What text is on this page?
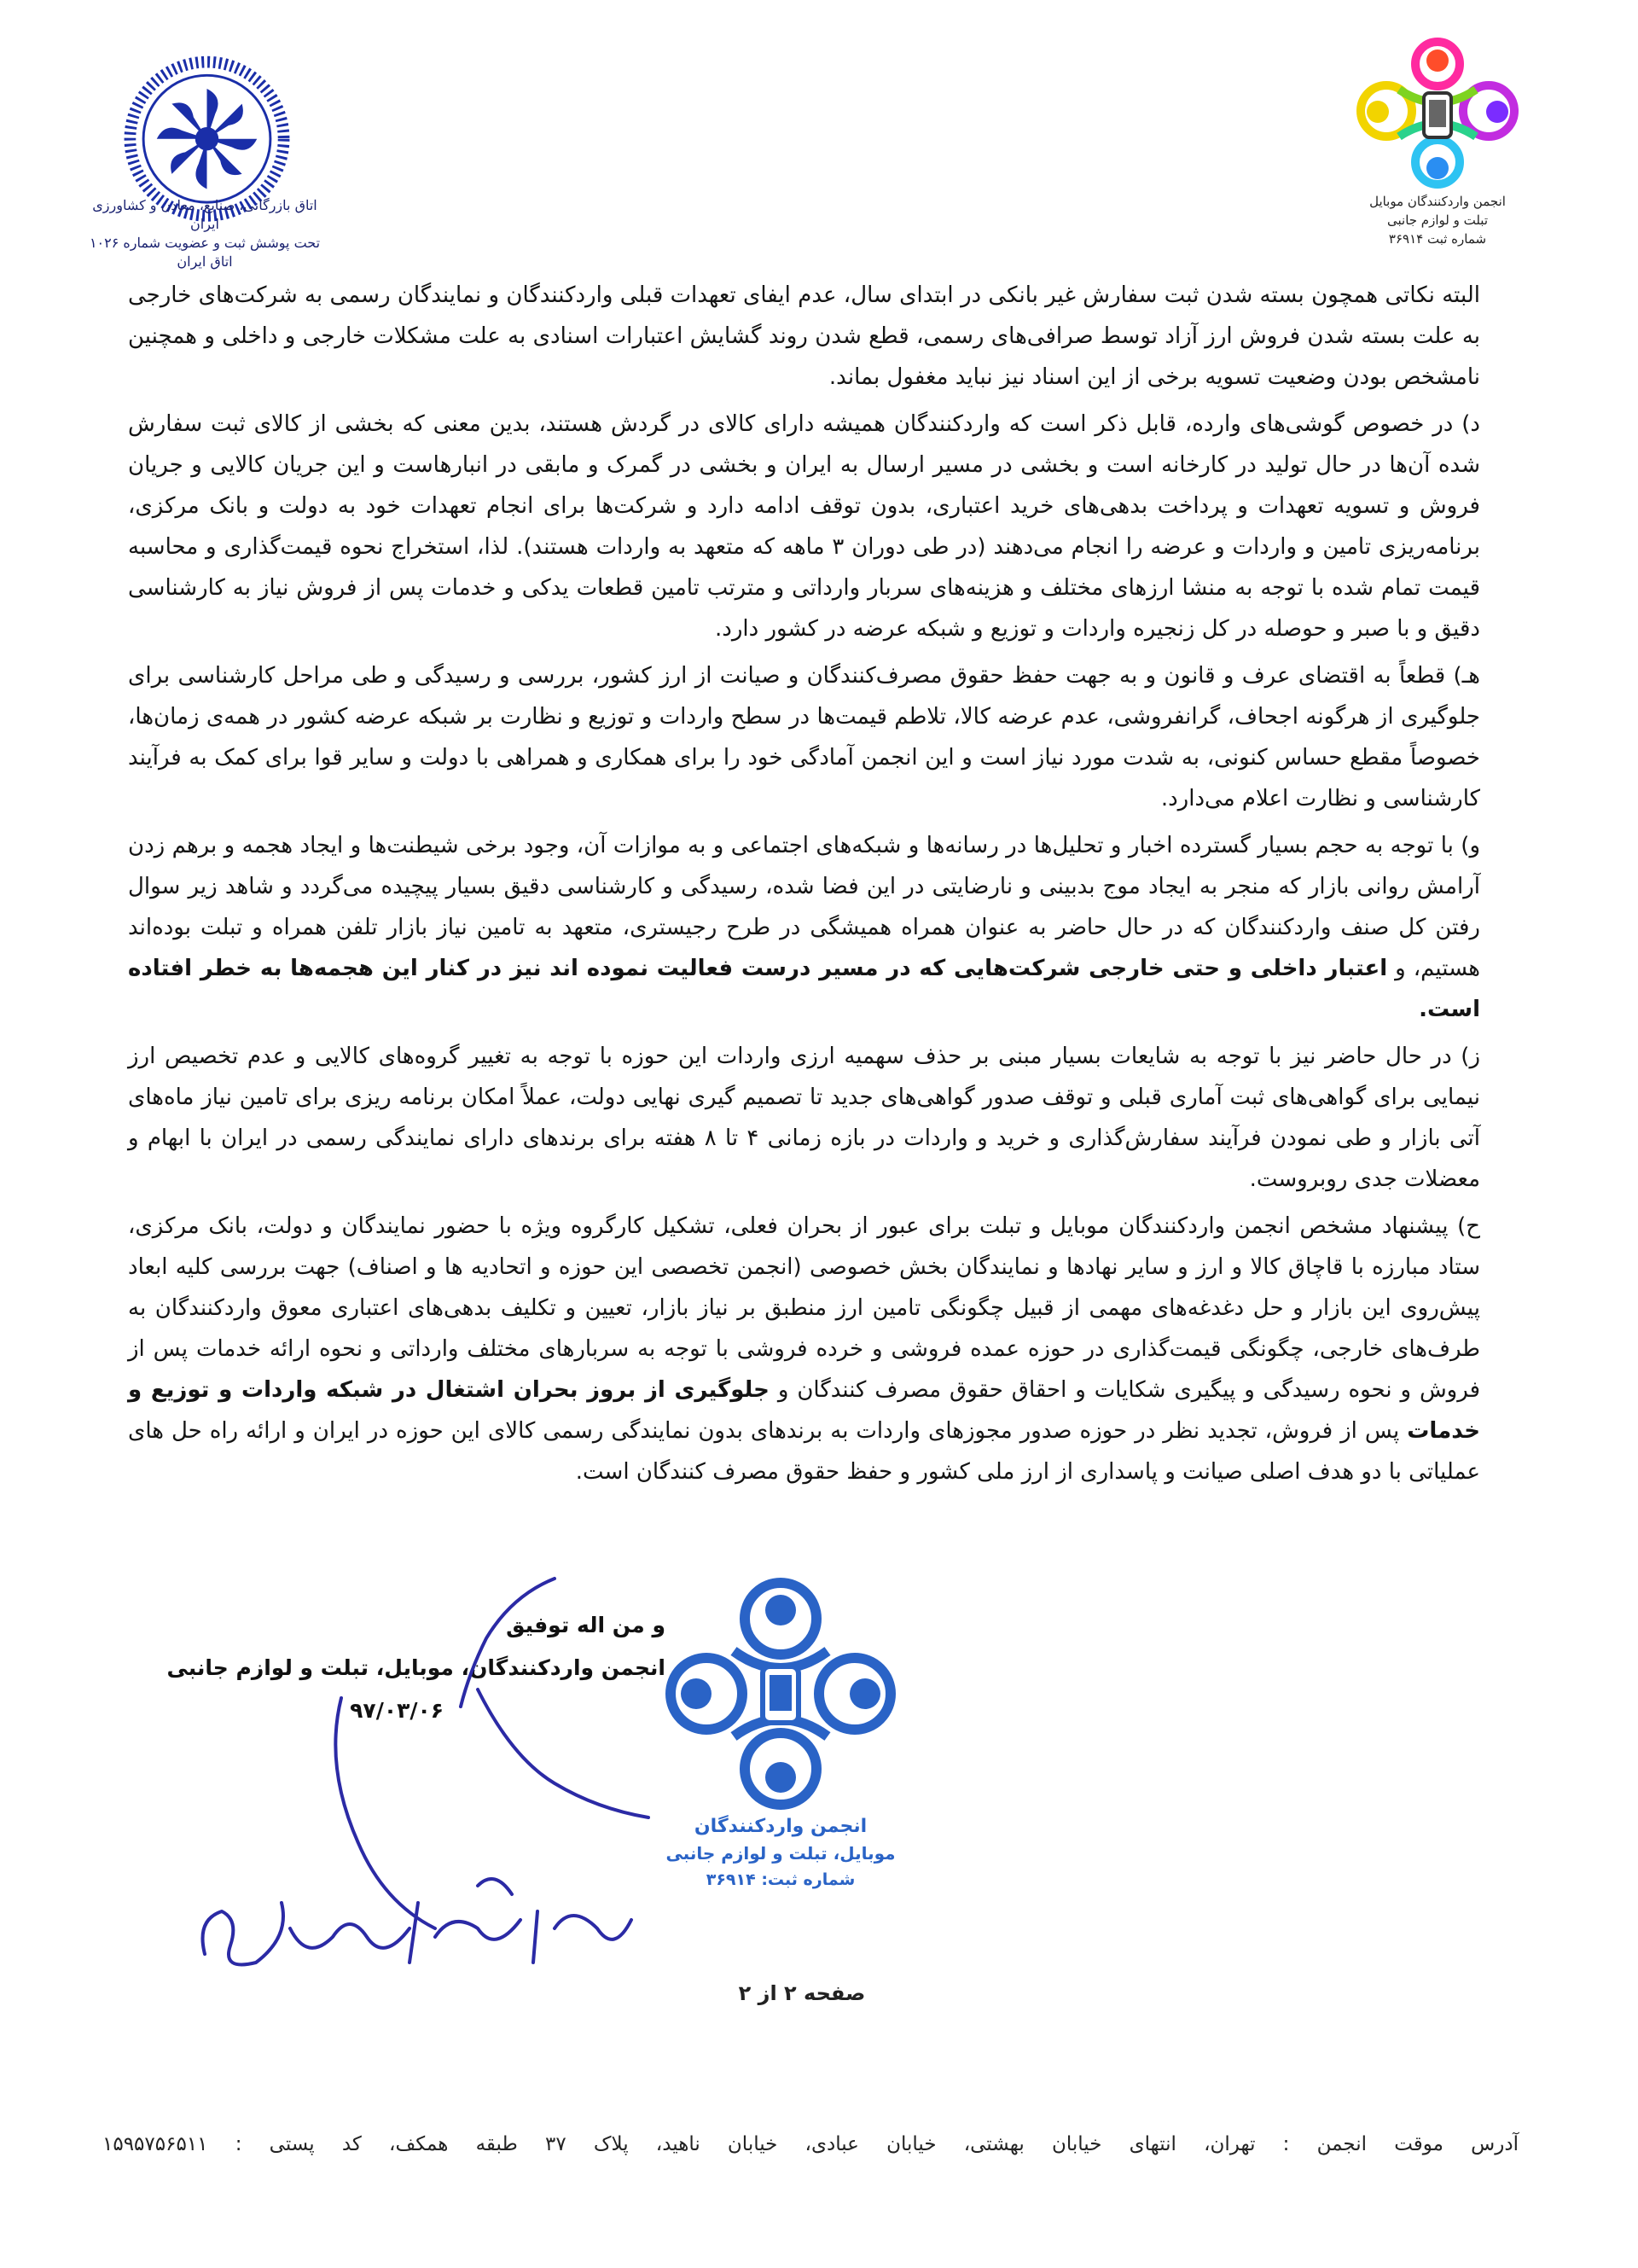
اتاق بازرگانی، صنایع، معادن و کشاورزی ایران
تحت پوشش ثبت و عضویت شماره ۱۰۲۶ اتاق ایران
انجمن واردکنندگان موبایل
تبلت و لوازم جانبی
شماره ثبت ۳۶۹۱۴

البته نکاتی همچون بسته شدن ثبت سفارش غیر بانکی در ابتدای سال، عدم ایفای تعهدات قبلی واردکنندگان و نمایندگان رسمی به شرکت‌های خارجی به علت بسته شدن فروش ارز آزاد توسط صرافی‌های رسمی، قطع شدن روند گشایش اعتبارات اسنادی به علت مشکلات خارجی و داخلی و همچنین نامشخص بودن وضعیت تسویه برخی از این اسناد نیز نباید مغفول بماند.

د) در خصوص گوشی‌های وارده، قابل ذکر است که واردکنندگان همیشه دارای کالای در گردش هستند، بدین معنی که بخشی از کالای ثبت سفارش شده آن‌ها در حال تولید در کارخانه است و بخشی در مسیر ارسال به ایران و بخشی در گمرک و مابقی در انبارهاست و این جریان کالایی و جریان فروش و تسویه تعهدات و پرداخت بدهی‌های خرید اعتباری، بدون توقف ادامه دارد و شرکت‌ها برای انجام تعهدات خود به دولت و بانک مرکزی، برنامه‌ریزی تامین و واردات و عرضه را انجام می‌دهند (در طی دوران ۳ ماهه که متعهد به واردات هستند). لذا، استخراج نحوه قیمت‌گذاری و محاسبه قیمت تمام شده با توجه به منشا ارزهای مختلف و هزینه‌های سربار وارداتی و مترتب تامین قطعات یدکی و خدمات پس از فروش نیاز به کارشناسی دقیق و با صبر و حوصله در کل زنجیره واردات و توزیع و شبکه عرضه در کشور دارد.

هـ) قطعاً به اقتضای عرف و قانون و به جهت حفظ حقوق مصرف‌کنندگان و صیانت از ارز کشور، بررسی و رسیدگی و طی مراحل کارشناسی برای جلوگیری از هرگونه اجحاف، گرانفروشی، عدم عرضه کالا، تلاطم قیمت‌ها در سطح واردات و توزیع و نظارت بر شبکه عرضه کشور در همه‌ی زمان‌ها، خصوصاً مقطع حساس کنونی، به شدت مورد نیاز است و این انجمن آمادگی خود را برای همکاری و همراهی با دولت و سایر قوا برای کمک به فرآیند کارشناسی و نظارت اعلام می‌دارد.

و) با توجه به حجم بسیار گسترده اخبار و تحلیل‌ها در رسانه‌ها و شبکه‌های اجتماعی و به موازات آن، وجود برخی شیطنت‌ها و ایجاد هجمه و برهم زدن آرامش روانی بازار که منجر به ایجاد موج بدبینی و نارضایتی در این فضا شده، رسیدگی و کارشناسی دقیق بسیار پیچیده می‌گردد و شاهد زیر سوال رفتن کل صنف واردکنندگان که در حال حاضر به عنوان همراه همیشگی در طرح رجیستری، متعهد به تامین نیاز بازار تلفن همراه و تبلت بوده‌اند هستیم، و اعتبار داخلی و حتی خارجی شرکت‌هایی که در مسیر درست فعالیت نموده اند نیز در کنار این هجمه‌ها به خطر افتاده است.

ز) در حال حاضر نیز با توجه به شایعات بسیار مبنی بر حذف سهمیه ارزی واردات این حوزه با توجه به تغییر گروه‌های کالایی و عدم تخصیص ارز نیمایی برای گواهی‌های ثبت آماری قبلی و توقف صدور گواهی‌های جدید تا تصمیم گیری نهایی دولت، عملاً امکان برنامه ریزی برای تامین نیاز ماه‌های آتی بازار و طی نمودن فرآیند سفارش‌گذاری و خرید و واردات در بازه زمانی ۴ تا ۸ هفته برای برندهای دارای نمایندگی رسمی در ایران با ابهام و معضلات جدی روبروست.

ح) پیشنهاد مشخص انجمن واردکنندگان موبایل و تبلت برای عبور از بحران فعلی، تشکیل کارگروه ویژه با حضور نمایندگان و دولت، بانک مرکزی، ستاد مبارزه با قاچاق کالا و ارز و سایر نهادها و نمایندگان بخش خصوصی (انجمن تخصصی این حوزه و اتحادیه ها و اصناف) جهت بررسی کلیه ابعاد پیش‌روی این بازار و حل دغدغه‌های مهمی از قبیل چگونگی تامین ارز منطبق بر نیاز بازار، تعیین و تکلیف بدهی‌های اعتباری معوق واردکنندگان به طرف‌های خارجی، چگونگی قیمت‌گذاری در حوزه عمده فروشی و خرده فروشی با توجه به سربارهای مختلف وارداتی و نحوه ارائه خدمات پس از فروش و نحوه رسیدگی و پیگیری شکایات و احقاق حقوق مصرف کنندگان و جلوگیری از بروز بحران اشتغال در شبکه واردات و توزیع و خدمات پس از فروش، تجدید نظر در حوزه صدور مجوزهای واردات به برندهای بدون نمایندگی رسمی کالای این حوزه در ایران و ارائه راه حل های عملیاتی با دو هدف اصلی صیانت و پاسداری از ارز ملی کشور و حفظ حقوق مصرف کنندگان است.

و من اله توفیق
انجمن واردکنندگان، موبایل، تبلت و لوازم جانبی
۹۷/۰۳/۰۶
انجمن واردکنندگان
موبایل، تبلت و لوازم جانبی
شماره ثبت: ۳۶۹۱۴
صفحه ۲ از ۲
آدرس موقت انجمن : تهران، انتهای خیابان بهشتی، خیابان عبادی، خیابان ناهید، پلاک ۳۷ طبقه همکف، کد پستی : ۱۵۹۵۷۵۶۵۱۱
